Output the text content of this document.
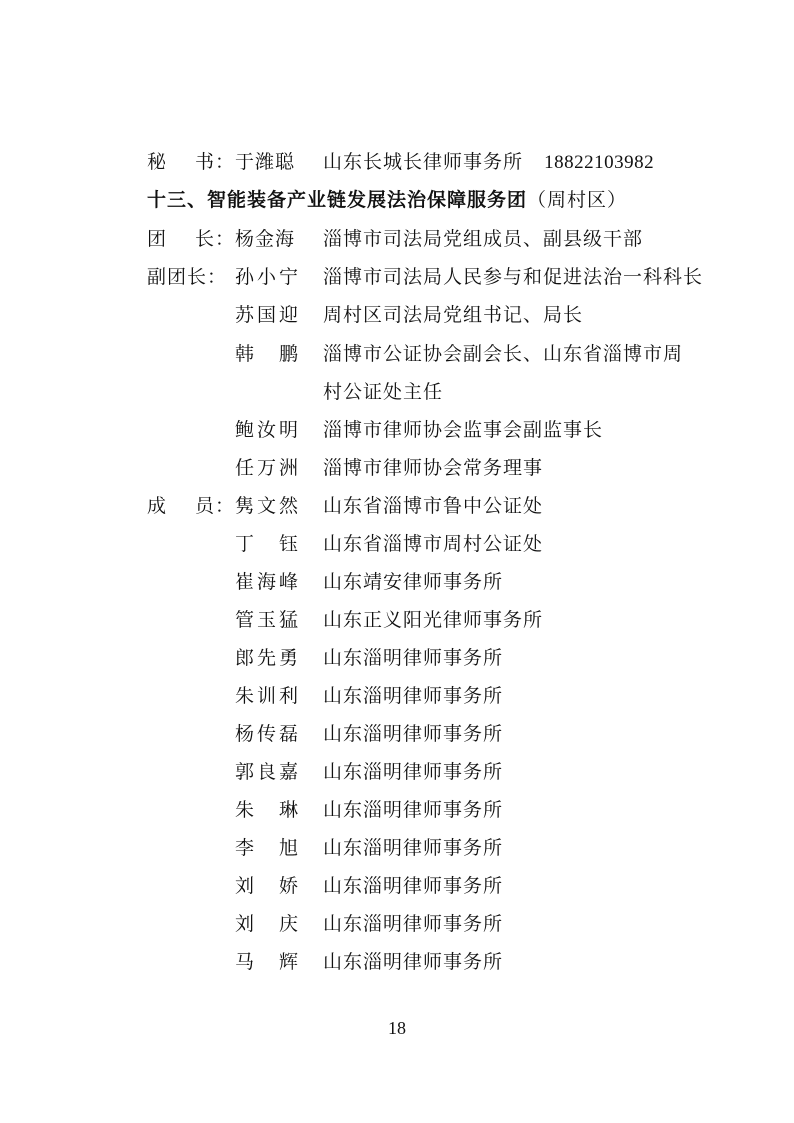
秘 书： 于潍聪	山东长城长律师事务所 18822103982
十三、智能装备产业链发展法治保障服务团（周村区）
团 长： 杨金海	淄博市司法局党组成员、副县级干部
副团长： 孙 小 宁 淄博市司法局人民参与和促进法治一科科长
苏 国 迎 周村区司法局党组书记、局长
韩 鹏 淄博市公证协会副会长、山东省淄博市周
村公证处主任
鲍 汝 明 淄博市律师协会监事会副监事长
任 万 洲 淄博市律师协会常务理事
成 员： 隽 文 然 山东省淄博市鲁中公证处
丁 钰 山东省淄博市周村公证处
崔 海 峰 山东靖安律师事务所
管 玉 猛 山东正义阳光律师事务所
郎 先 勇 山东淄明律师事务所
朱 训 利 山东淄明律师事务所
杨 传 磊 山东淄明律师事务所
郭 良 嘉 山东淄明律师事务所
朱 琳 山东淄明律师事务所
李 旭 山东淄明律师事务所
刘 娇 山东淄明律师事务所
刘 庆 山东淄明律师事务所
马 辉 山东淄明律师事务所
18
